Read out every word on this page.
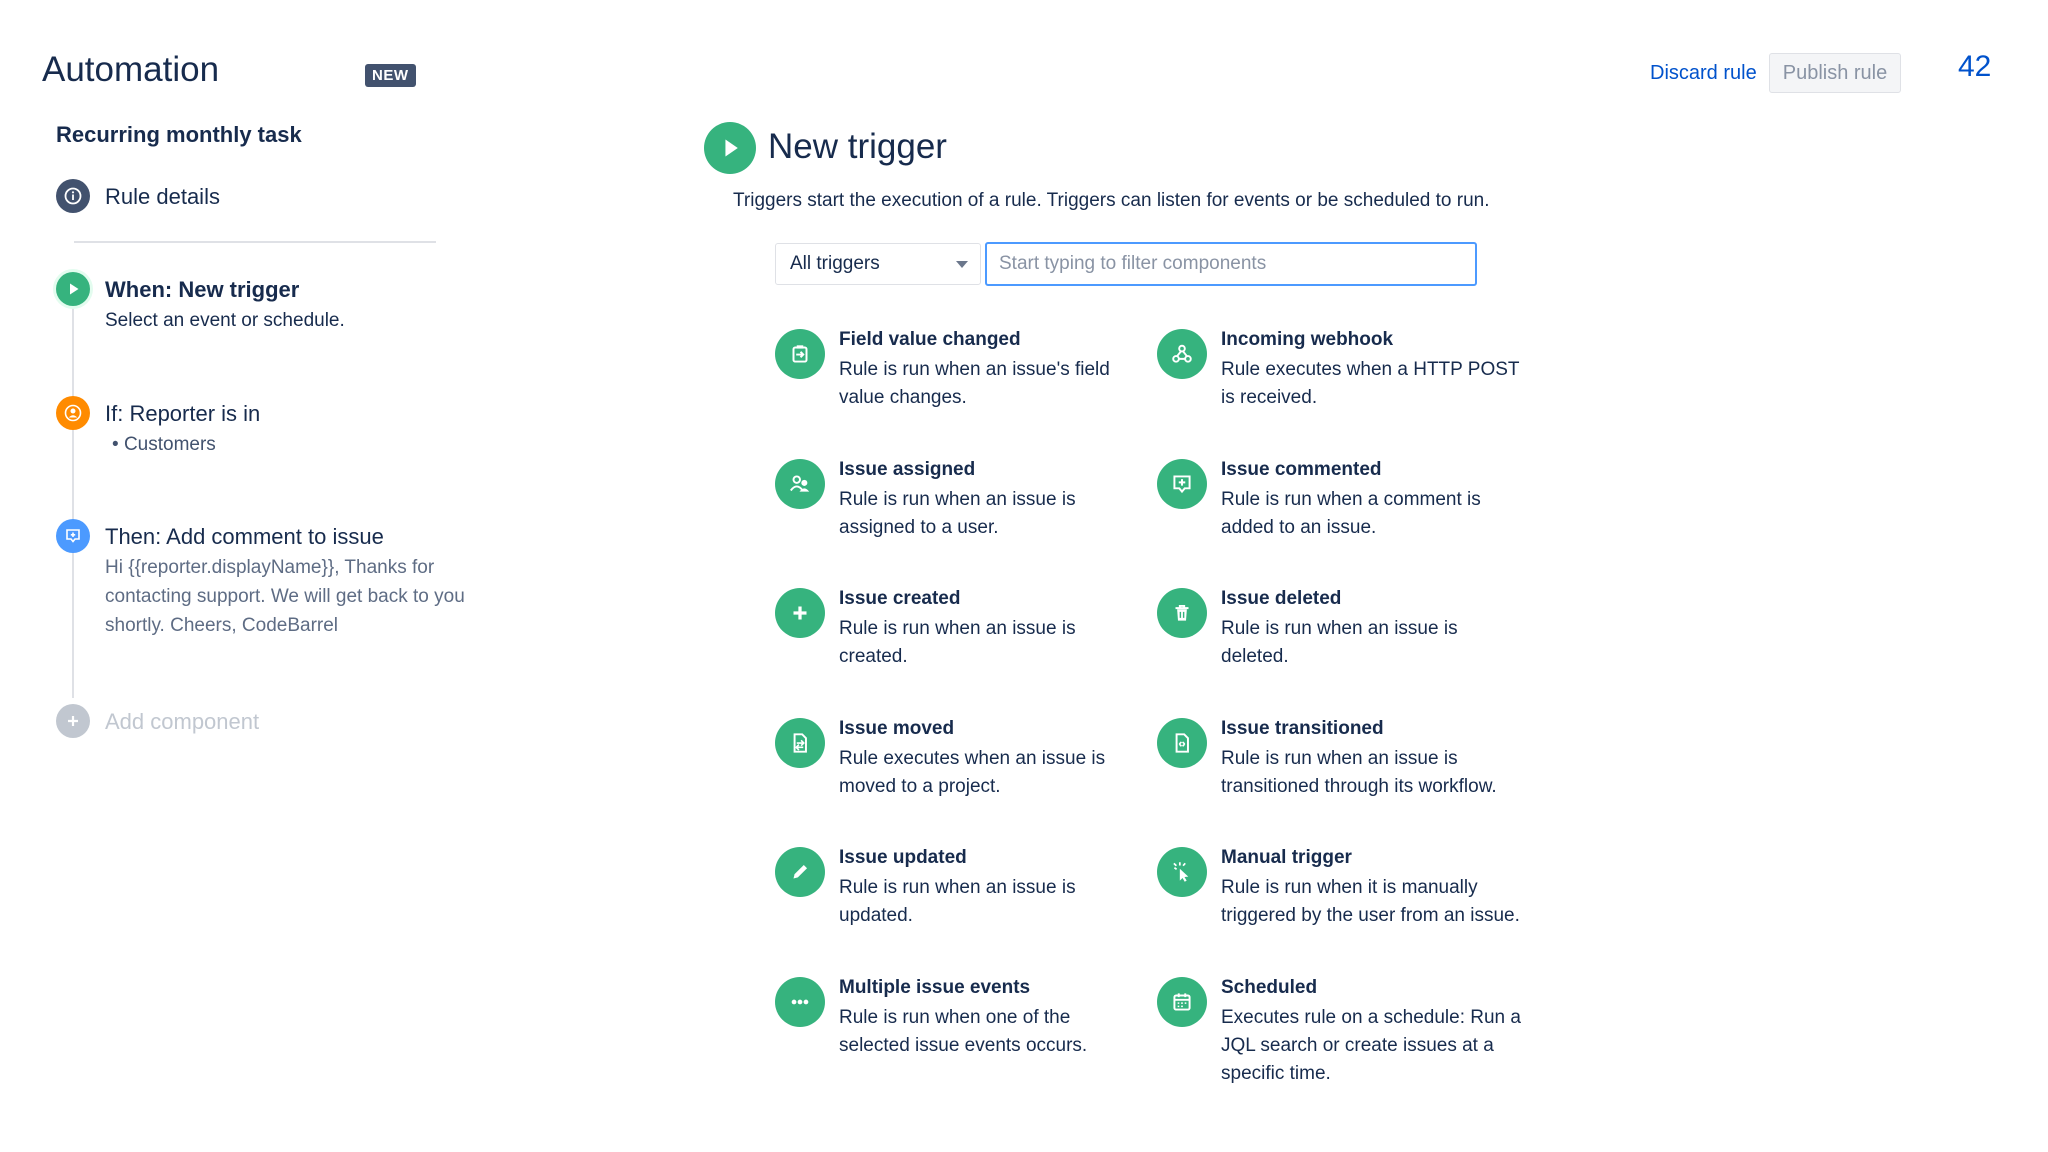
Automation	NEW	Discard rule	Publish rule	42
Recurring monthly task
Rule details
When: New trigger
Select an event or schedule.
If: Reporter is in
• Customers
Then: Add comment to issue
Hi {{reporter.displayName}}, Thanks for contacting support. We will get back to you shortly. Cheers, CodeBarrel
Add component
New trigger
Triggers start the execution of a rule. Triggers can listen for events or be scheduled to run.
All triggers
Start typing to filter components
Field value changed
Rule is run when an issue's field value changes.
Incoming webhook
Rule executes when a HTTP POST is received.
Issue assigned
Rule is run when an issue is assigned to a user.
Issue commented
Rule is run when a comment is added to an issue.
Issue created
Rule is run when an issue is created.
Issue deleted
Rule is run when an issue is deleted.
Issue moved
Rule executes when an issue is moved to a project.
Issue transitioned
Rule is run when an issue is transitioned through its workflow.
Issue updated
Rule is run when an issue is updated.
Manual trigger
Rule is run when it is manually triggered by the user from an issue.
Multiple issue events
Rule is run when one of the selected issue events occurs.
Scheduled
Executes rule on a schedule: Run a JQL search or create issues at a specific time.
